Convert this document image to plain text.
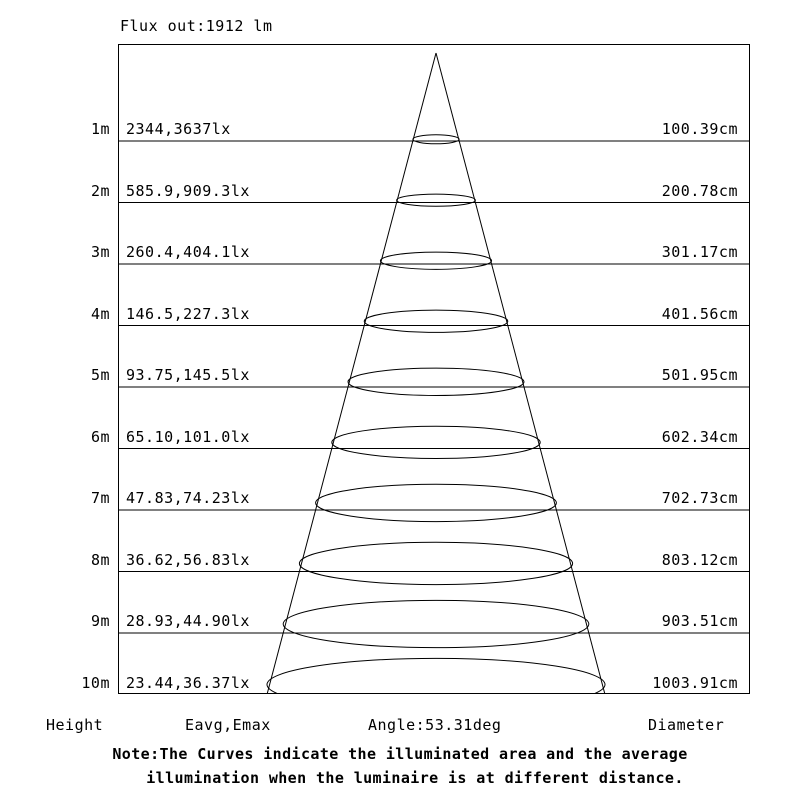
Flux out:1912 lm
1m 2344,3637lx	100.39cm
2m 585.9,909.3lx	200.78cm
3m 260.4,404.1lx	301.17cm
4m 146.5,227.3lx	401.56cm
5m 93.75,145.5lx	501.95cm
6m 65.10,101.0lx	602.34cm
7m 47.83,74.23lx	702.73cm
8m 36.62,56.83lx	803.12cm
9m 28.93,44.90lx	903.51cm
10m 23.44,36.37lx	1003.91cm
Height	Eavg,Emax	Angle:53.31deg	Diameter
Note:The Curves indicate the illuminated area and the average
illumination when the luminaire is at different distance.
